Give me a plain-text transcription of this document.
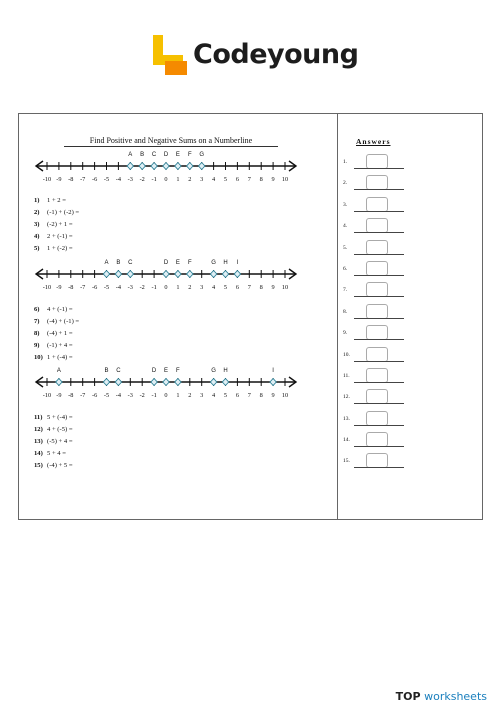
Codeyoung
Find Positive and Negative Sums on a Numberline
A B C D E F G
-10 -9 -8 -7 -6 -5 -4 -3 -2 -1 0 1 2 3 4 5 6 7 8 9 10
1) 1 + 2 =
2) (-1) + (-2) =
3) (-2) + 1 =
4) 2 + (-1) =
5) 1 + (-2) =
A B C	D E F	G H I
-10 -9 -8 -7 -6 -5 -4 -3 -2 -1 0 1 2 3 4 5 6 7 8 9 10
6) 4 + (-1) =
7) (-4) + (-1) =
8) (-4) + 1 =
9) (-1) + 4 =
10) 1 + (-4) =
A	B C	D E F	G H	I
-10 -9 -8 -7 -6 -5 -4 -3 -2 -1 0 1 2 3 4 5 6 7 8 9 10
11) 5 + (-4) =
12) 4 + (-5) =
13) (-5) + 4 =
14) 5 + 4 =
15) (-4) + 5 =
Answers
1.
2.
3.
4.
5.
6.
7.
8.
9.
10.
11.
12.
13.
14.
15.
TOP worksheets
